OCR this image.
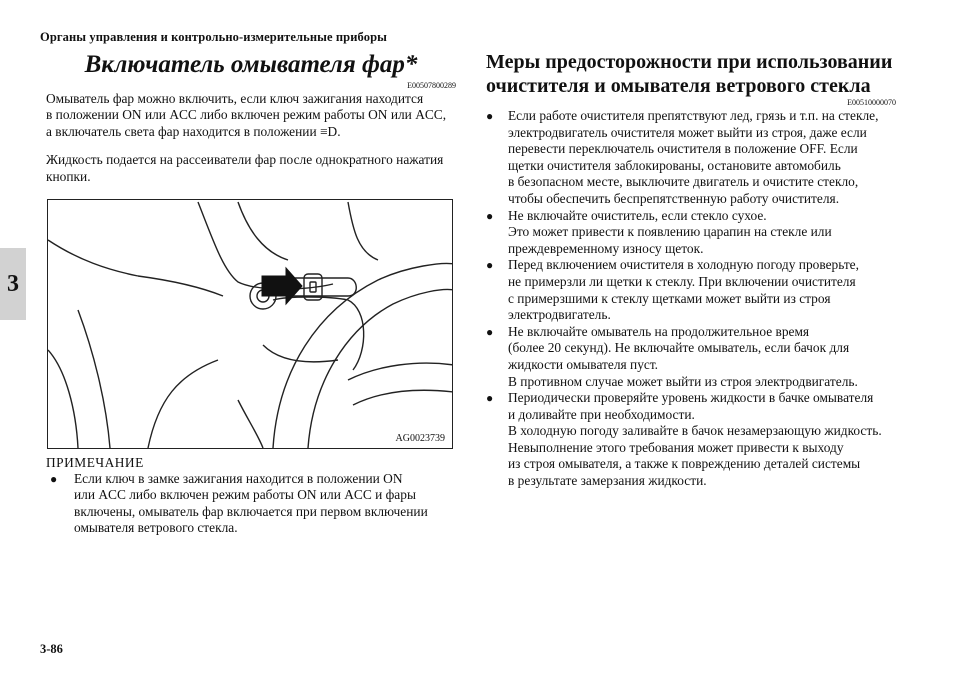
Органы управления и контрольно-измерительные приборы
3
Включатель омывателя фар*
E00507800289

Омыватель фар можно включить, если ключ зажигания находится
в положении ON или ACC либо включен режим работы ON или ACC,
а включатель света фар находится в положении ≡D.

Жидкость подается на рассеиватели фар после однократного нажатия
кнопки.

AG0023739
ПРИМЕЧАНИЕ
●	Если ключ в замке зажигания находится в положении ON
или ACC либо включен режим работы ON или ACC и фары
включены, омыватель фар включается при первом включении
омывателя ветрового стекла.
Меры предосторожности при использовании
очистителя и омывателя ветрового стекла
E00510000070
●	Если работе очистителя препятствуют лед, грязь и т.п. на стекле,
электродвигатель очистителя может выйти из строя, даже если
перевести переключатель очистителя в положение OFF. Если
щетки очистителя заблокированы, остановите автомобиль
в безопасном месте, выключите двигатель и очистите стекло,
чтобы обеспечить беспрепятственную работу очистителя.
●	Не включайте очиститель, если стекло сухое.
Это может привести к появлению царапин на стекле или
преждевременному износу щеток.
●	Перед включением очистителя в холодную погоду проверьте,
не примерзли ли щетки к стеклу. При включении очистителя
с примерзшими к стеклу щетками может выйти из строя
электродвигатель.
●	Не включайте омыватель на продолжительное время
(более 20 секунд). Не включайте омыватель, если бачок для
жидкости омывателя пуст.
В противном случае может выйти из строя электродвигатель.
●	Периодически проверяйте уровень жидкости в бачке омывателя
и доливайте при необходимости.
В холодную погоду заливайте в бачок незамерзающую жидкость.
Невыполнение этого требования может привести к выходу
из строя омывателя, а также к повреждению деталей системы
в результате замерзания жидкости.
3-86
